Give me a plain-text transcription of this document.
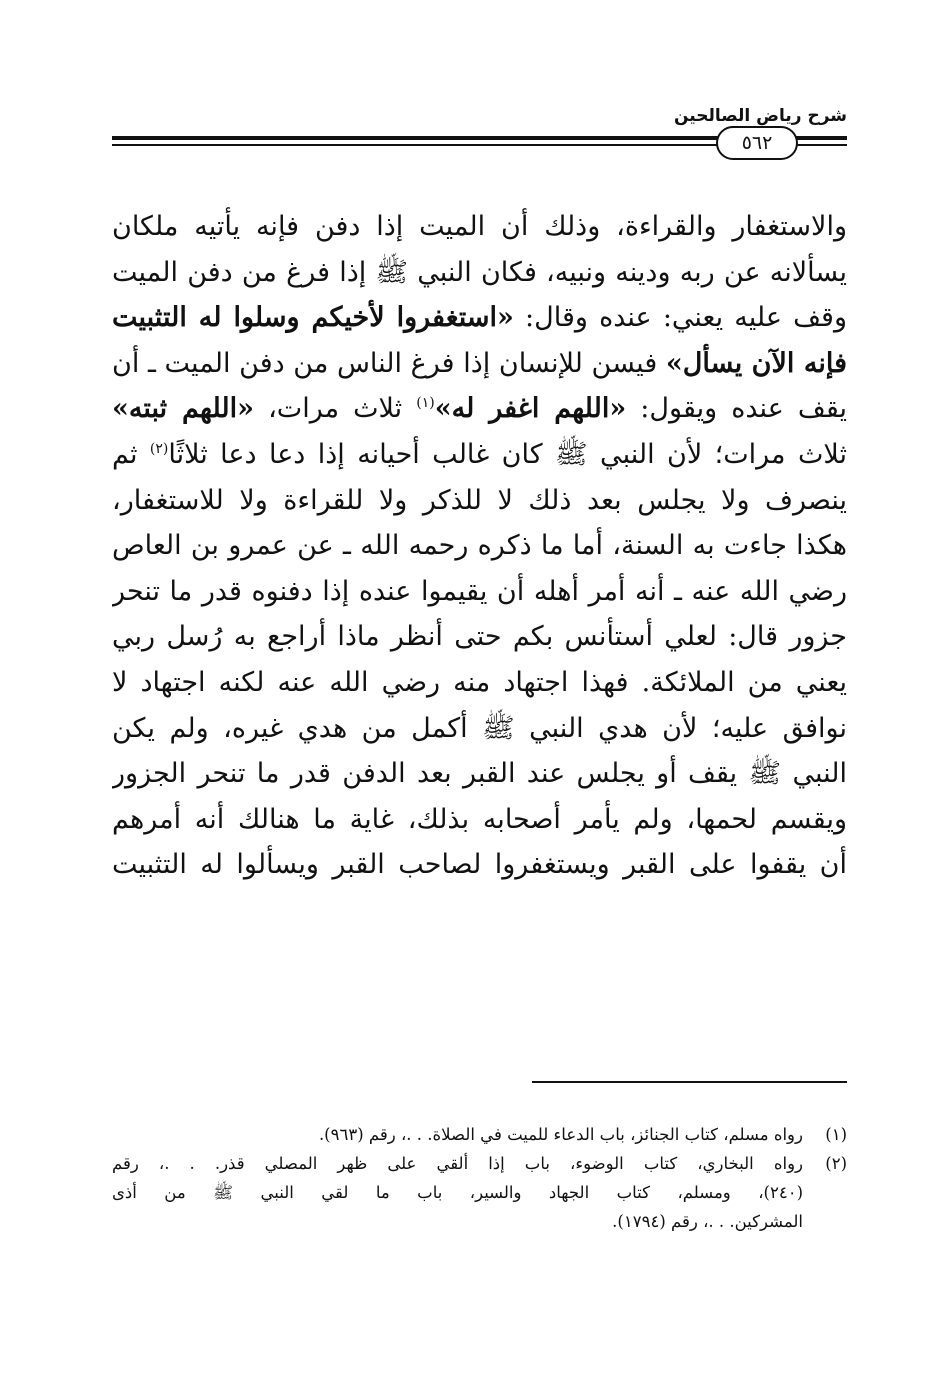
٥٦٢
شرح رياض الصالحين
والاستغفار والقراءة، وذلك أن الميت إذا دفن فإنه يأتيه ملكان
يسألانه عن ربه ودينه ونبيه، فكان النبي ﷺ إذا فرغ من دفن الميت
وقف عليه يعني: عنده وقال: «استغفروا لأخيكم وسلوا له التثبيت
فإنه الآن يسأل» فيسن للإنسان إذا فرغ الناس من دفن الميت ـ أن
يقف عنده ويقول: «اللهم اغفر له»$^{(١)}$ ثلاث مرات، «اللهم ثبته»
ثلاث مرات؛ لأن النبي ﷺ كان غالب أحيانه إذا دعا دعا ثلاثًا$^{(٢)}$ ثم
ينصرف ولا يجلس بعد ذلك لا للذكر ولا للقراءة ولا للاستغفار،
هكذا جاءت به السنة، أما ما ذكره رحمه الله ـ عن عمرو بن العاص
رضي الله عنه ـ أنه أمر أهله أن يقيموا عنده إذا دفنوه قدر ما تنحر
جزور قال: لعلي أستأنس بكم حتى أنظر ماذا أراجع به رُسل ربي
يعني من الملائكة. فهذا اجتهاد منه رضي الله عنه لكنه اجتهاد لا
نوافق عليه؛ لأن هدي النبي ﷺ أكمل من هدي غيره، ولم يكن
النبي ﷺ يقف أو يجلس عند القبر بعد الدفن قدر ما تنحر الجزور
ويقسم لحمها، ولم يأمر أصحابه بذلك، غاية ما هنالك أنه أمرهم
أن يقفوا على القبر ويستغفروا لصاحب القبر ويسألوا له التثبيت
(١)
رواه مسلم، كتاب الجنائز، باب الدعاء للميت في الصلاة. . .، رقم (٩٦٣).
(٢)
رواه البخاري، كتاب الوضوء، باب إذا ألقي على ظهر المصلي قذر. . .، رقم
(٢٤٠)، ومسلم، كتاب الجهاد والسير، باب ما لقي النبي ﷺ من أذى
المشركين. . .، رقم (١٧٩٤).
